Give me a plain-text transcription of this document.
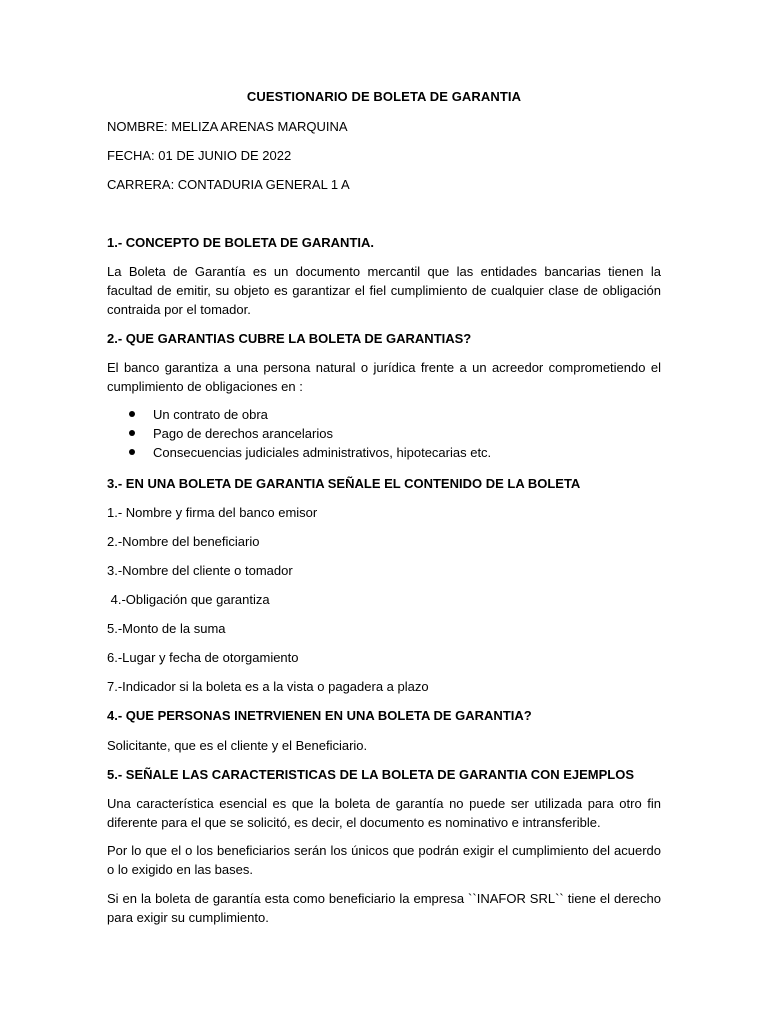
CUESTIONARIO DE BOLETA DE GARANTIA
NOMBRE: MELIZA ARENAS MARQUINA
FECHA: 01 DE JUNIO DE 2022
CARRERA: CONTADURIA GENERAL 1 A
1.- CONCEPTO DE BOLETA DE GARANTIA.
La Boleta de Garantía es un documento mercantil que las entidades bancarias tienen la facultad de emitir, su objeto es garantizar el fiel cumplimiento de cualquier clase de obligación contraida por el tomador.
2.- QUE GARANTIAS CUBRE LA BOLETA DE GARANTIAS?
El banco garantiza a una persona natural o jurídica frente a un acreedor comprometiendo el cumplimiento de obligaciones en :
Un contrato de obra
Pago de derechos arancelarios
Consecuencias judiciales administrativos, hipotecarias etc.
3.- EN UNA BOLETA DE GARANTIA SEÑALE EL CONTENIDO DE LA BOLETA
1.- Nombre y firma del banco emisor
2.-Nombre del beneficiario
3.-Nombre del cliente o tomador
4.-Obligación que garantiza
5.-Monto de la suma
6.-Lugar y fecha de otorgamiento
7.-Indicador si la boleta es a la vista o pagadera a plazo
4.- QUE PERSONAS INETRVIENEN EN UNA BOLETA DE GARANTIA?
Solicitante, que es el cliente y el Beneficiario.
5.- SEÑALE LAS CARACTERISTICAS DE LA BOLETA DE GARANTIA CON EJEMPLOS
Una característica esencial es que la boleta de garantía no puede ser utilizada para otro fin diferente para el que se solicitó, es decir, el documento es nominativo e intransferible.
Por lo que el o los beneficiarios serán los únicos que podrán exigir el cumplimiento del acuerdo o lo exigido en las bases.
Si en la boleta de garantía esta como beneficiario la empresa ``INAFOR SRL`` tiene el derecho para exigir su cumplimiento.
